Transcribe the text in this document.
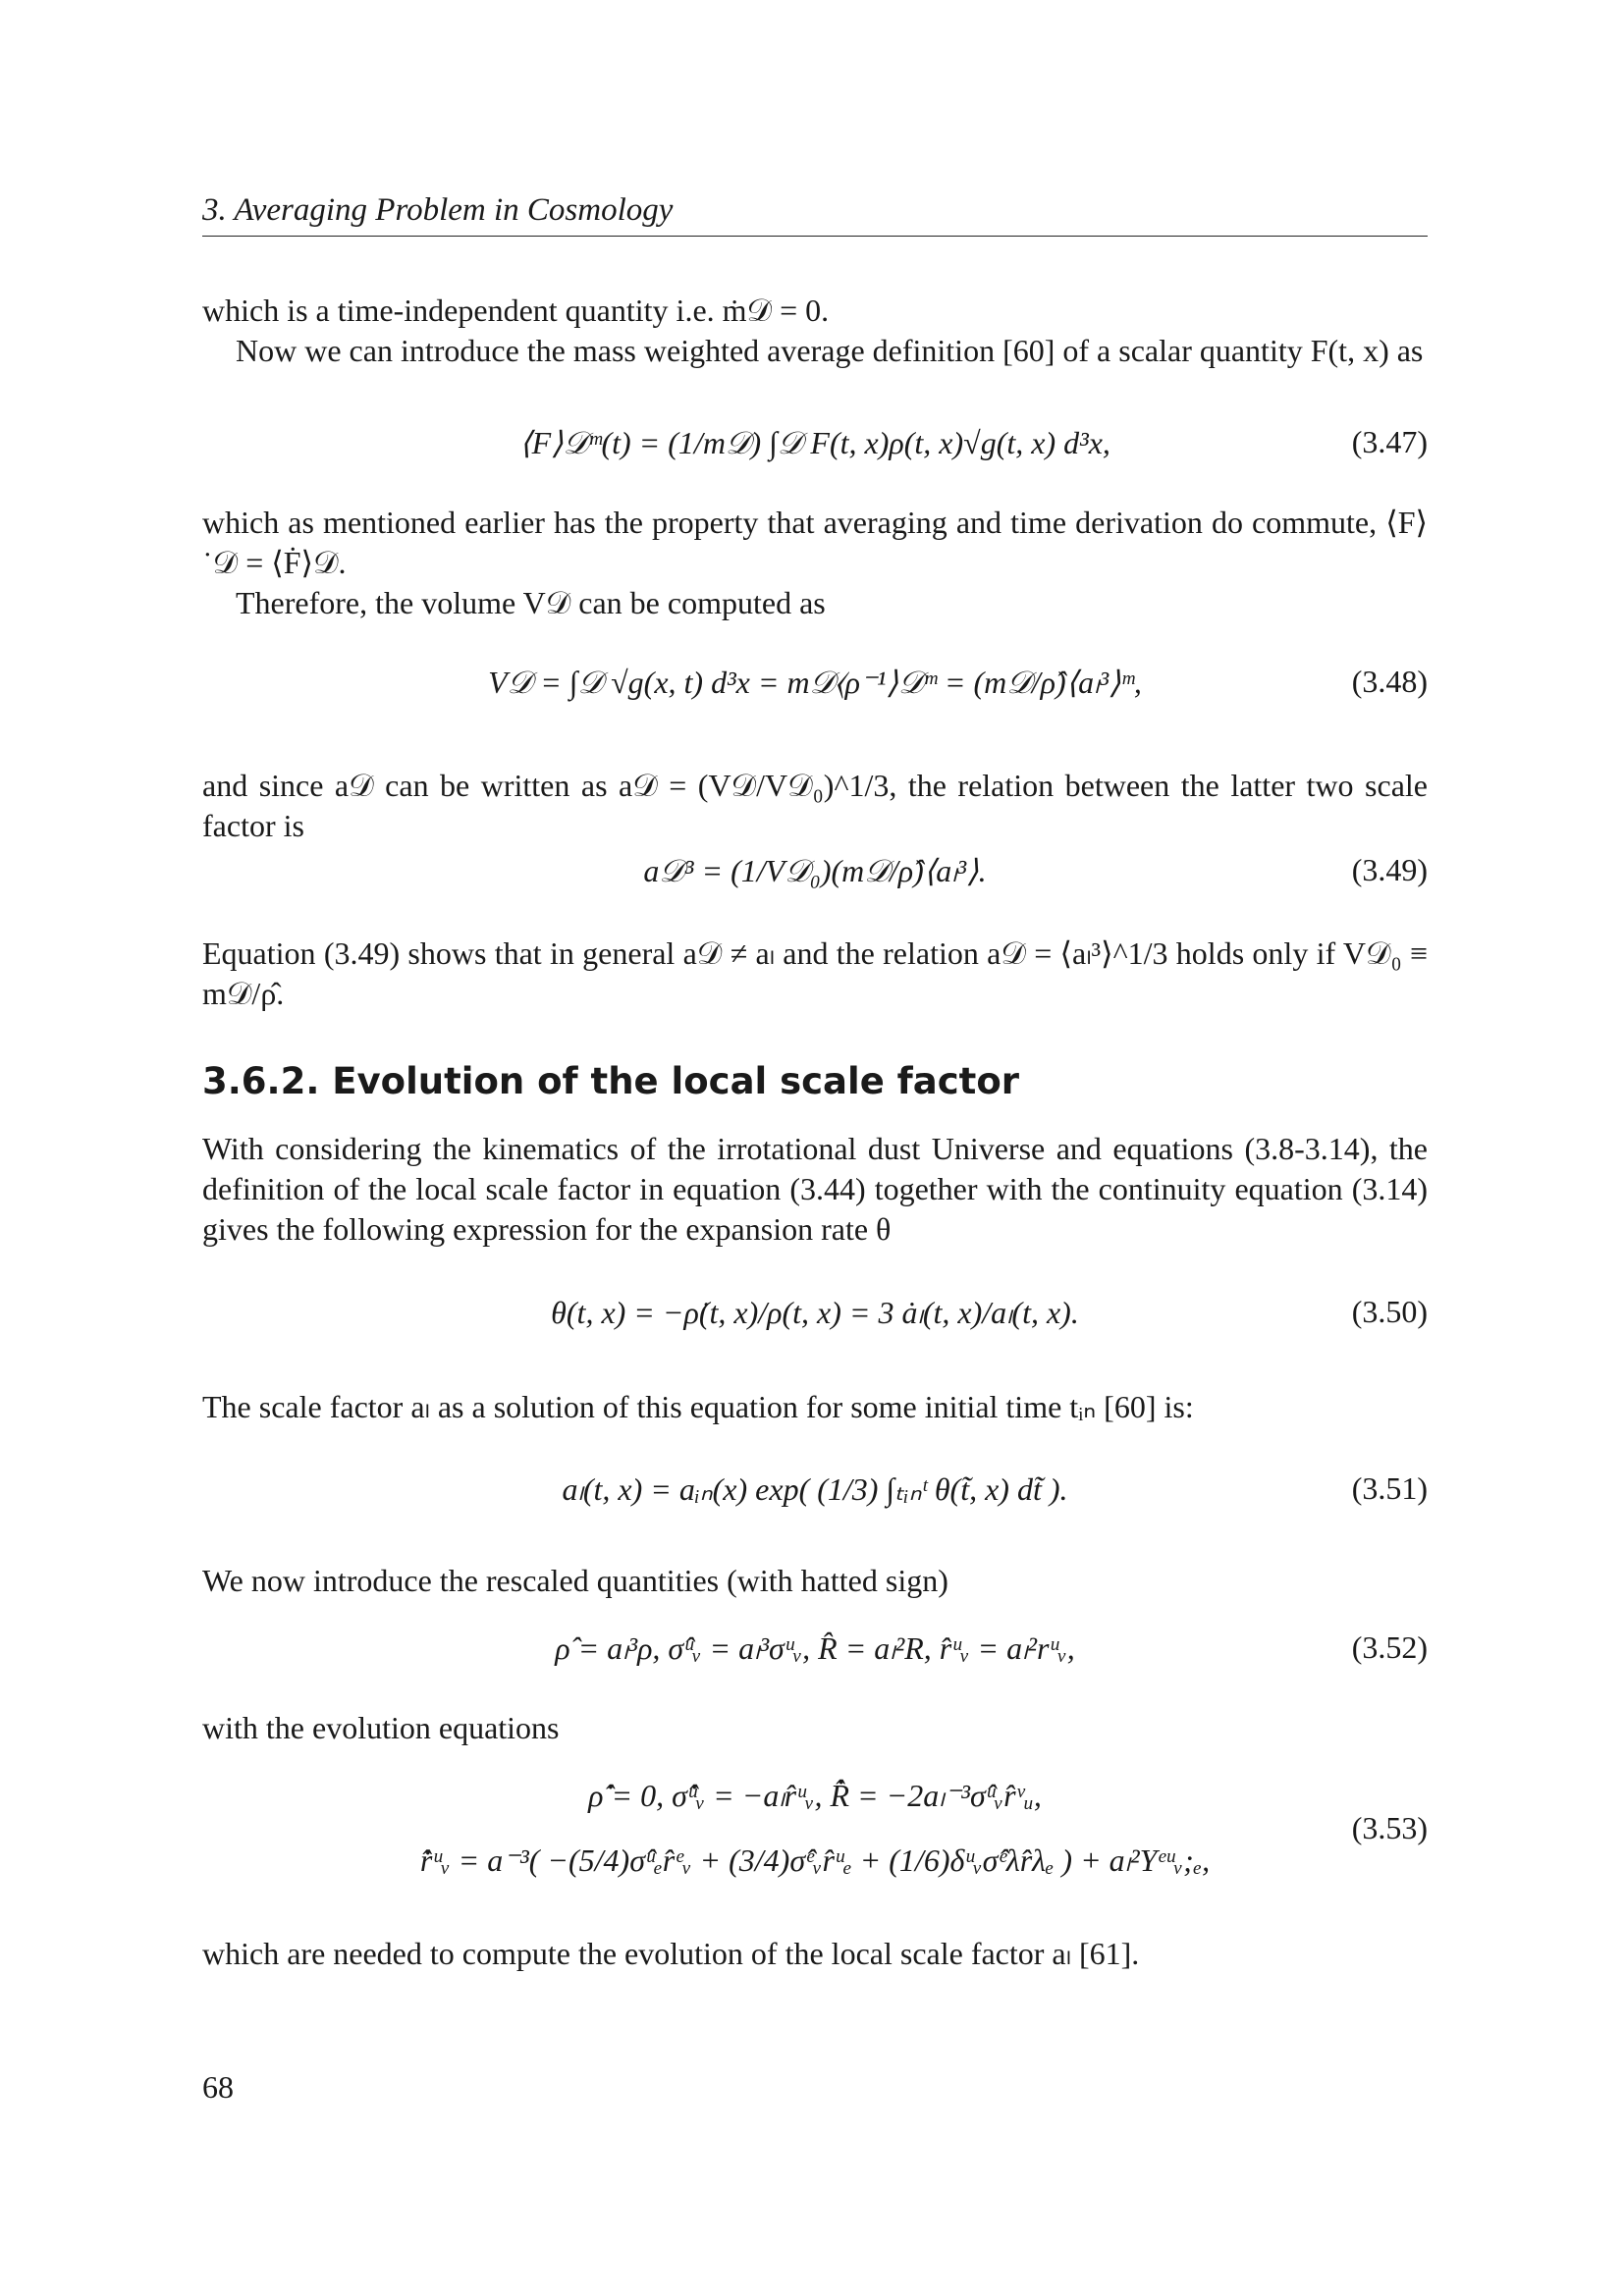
3. Averaging Problem in Cosmology

which is a time-independent quantity i.e. ṁ𝒟 = 0.

Now we can introduce the mass weighted average definition [60] of a scalar quantity F(t, x) as

⟨F⟩𝒟ᵐ(t) = (1/m𝒟) ∫𝒟 F(t, x)ρ(t, x)√g(t, x) d³x,	(3.47)

which as mentioned earlier has the property that averaging and time derivation do commute, ⟨F⟩˙𝒟 = ⟨Ḟ⟩𝒟.

Therefore, the volume V𝒟 can be computed as

V𝒟 = ∫𝒟 √g(x, t) d³x = m𝒟⟨ρ⁻¹⟩𝒟ᵐ = (m𝒟/ρ̂)⟨aₗ³⟩ᵐ,	(3.48)

and since a𝒟 can be written as a𝒟 = (V𝒟/V𝒟₀)^1/3, the relation between the latter two scale factor is

a𝒟³ = (1/V𝒟₀)(m𝒟/ρ̂)⟨aₗ³⟩.	(3.49)

Equation (3.49) shows that in general a𝒟 ≠ aₗ and the relation a𝒟 = ⟨aₗ³⟩^1/3 holds only if V𝒟₀ ≡ m𝒟/ρ̂.

3.6.2. Evolution of the local scale factor

With considering the kinematics of the irrotational dust Universe and equations (3.8-3.14), the definition of the local scale factor in equation (3.44) together with the continuity equation (3.14) gives the following expression for the expansion rate θ

θ(t, x) = −ρ̇(t, x)/ρ(t, x) = 3 ȧₗ(t, x)/aₗ(t, x).	(3.50)

The scale factor aₗ as a solution of this equation for some initial time tᵢₙ [60] is:

aₗ(t, x) = aᵢₙ(x) exp( (1/3) ∫ₜᵢₙᵗ θ(t̃, x) dt̃ ).	(3.51)

We now introduce the rescaled quantities (with hatted sign)

ρ̂ = aₗ³ρ, σ̂ᵘᵥ = aₗ³σᵘᵥ, R̂ = aₗ²R, r̂ᵘᵥ = aₗ²rᵘᵥ,	(3.52)

with the evolution equations

ρ̂̇ = 0, σ̂̇ᵘᵥ = −aₗr̂ᵘᵥ, R̂̇ = −2aₗ⁻³σ̂ᵘᵥr̂ᵛᵤ,
r̂̇ᵘᵥ = a⁻³( −(5/4)σ̂ᵘₑr̂ᵉᵥ + (3/4)σ̂ᵉᵥr̂ᵘₑ + (1/6)δᵘᵥσ̂ᵉλr̂λₑ ) + aₗ²Yᵉᵘᵥ;ₑ,
(3.53)

which are needed to compute the evolution of the local scale factor aₗ [61].

68
